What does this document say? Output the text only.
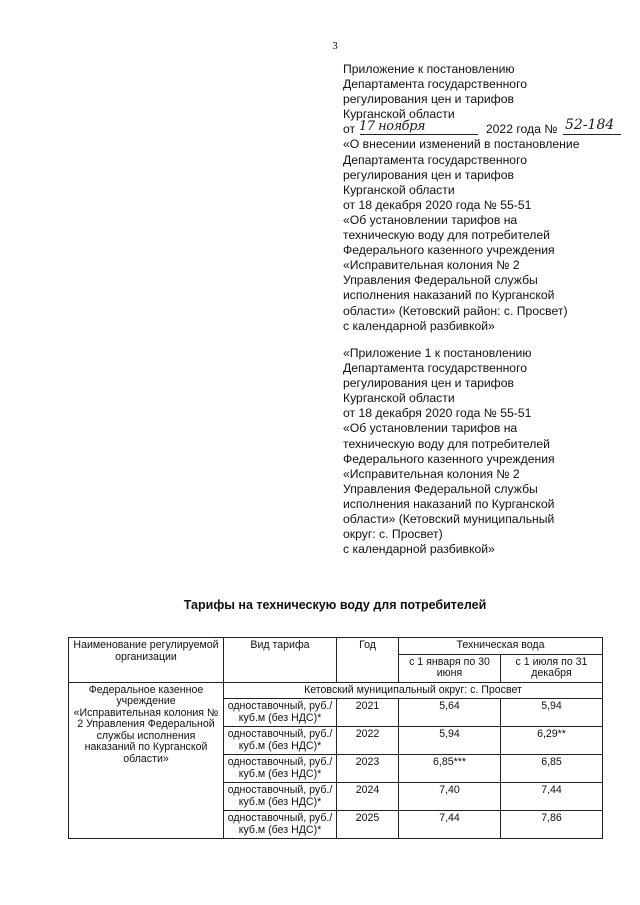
3
Приложение к постановлению
Департамента государственного
регулирования цен и тарифов
Курганской области
от	2022 года №
17 ноября	52-184
«О внесении изменений в постановление
Департамента государственного
регулирования цен и тарифов
Курганской области
от 18 декабря 2020 года № 55-51
«Об установлении тарифов на
техническую воду для потребителей
Федерального казенного учреждения
«Исправительная колония № 2
Управления Федеральной службы
исполнения наказаний по Курганской
области» (Кетовский район: с. Просвет)
с календарной разбивкой»
«Приложение 1 к постановлению
Департамента государственного
регулирования цен и тарифов
Курганской области
от 18 декабря 2020 года № 55-51
«Об установлении тарифов на
техническую воду для потребителей
Федерального казенного учреждения
«Исправительная колония № 2
Управления Федеральной службы
исполнения наказаний по Курганской
области» (Кетовский муниципальный
округ: с. Просвет)
с календарной разбивкой»
Тарифы на техническую воду для потребителей
Наименование регулируемой организации	Вид тарифа	Год	Техническая вода	
			с 1 января по 30 июня	с 1 июля по 31 декабря
Федеральное казенное учреждение «Исправительная колония № 2 Управления Федеральной службы исполнения наказаний по Курганской области»	Кетовский муниципальный округ: с. Просвет			
	одноставочный, руб./куб.м (без НДС)*	2021	5,64	5,94
	одноставочный, руб./куб.м (без НДС)*	2022	5,94	6,29**
	одноставочный, руб./куб.м (без НДС)*	2023	6,85***	6,85
	одноставочный, руб./куб.м (без НДС)*	2024	7,40	7,44
	одноставочный, руб./куб.м (без НДС)*	2025	7,44	7,86
